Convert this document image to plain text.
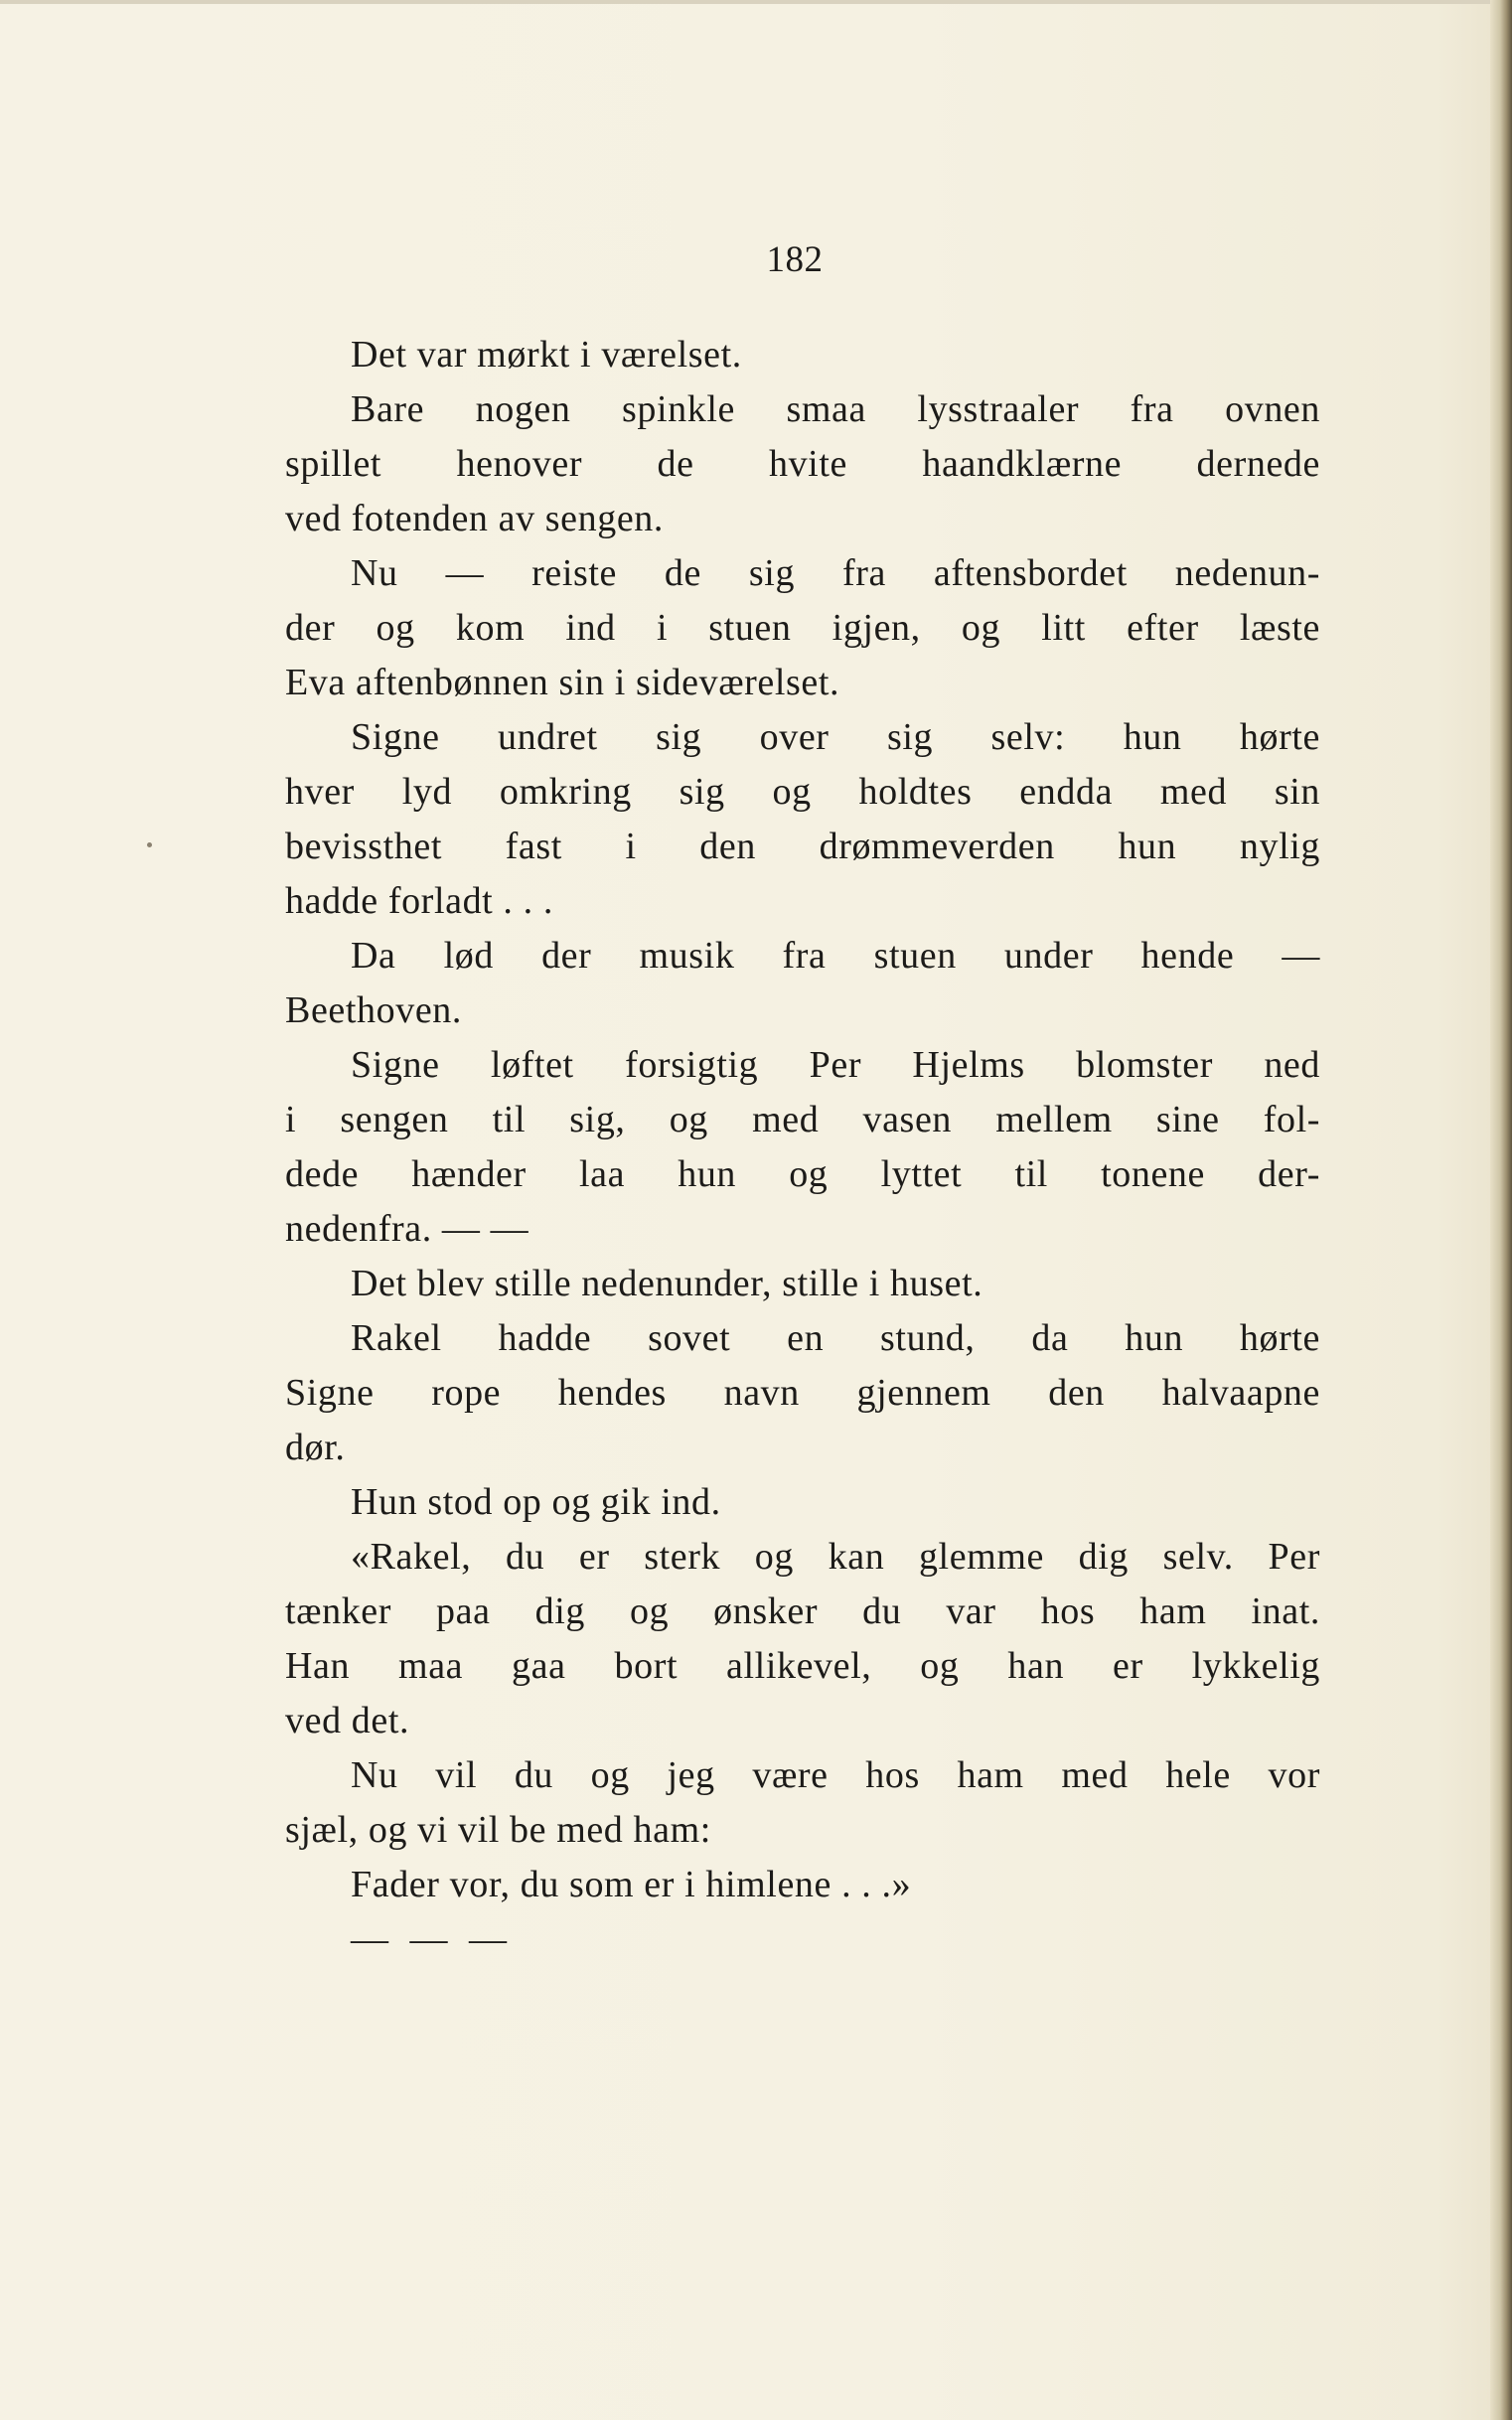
182
Det var mørkt i værelset.
Bare nogen spinkle smaa lysstraaler fra ovnen
spillet henover de hvite haandklærne dernede
ved fotenden av sengen.
Nu — reiste de sig fra aftensbordet nedenun-
der og kom ind i stuen igjen, og litt efter læste
Eva aftenbønnen sin i sideværelset.
Signe undret sig over sig selv: hun hørte
hver lyd omkring sig og holdtes endda med sin
bevissthet fast i den drømmeverden hun nylig
hadde forladt . . .
Da lød der musik fra stuen under hende —
Beethoven.
Signe løftet forsigtig Per Hjelms blomster ned
i sengen til sig, og med vasen mellem sine fol-
dede hænder laa hun og lyttet til tonene der-
nedenfra. — —
Det blev stille nedenunder, stille i huset.
Rakel hadde sovet en stund, da hun hørte
Signe rope hendes navn gjennem den halvaapne
dør.
Hun stod op og gik ind.
«Rakel, du er sterk og kan glemme dig selv. Per
tænker paa dig og ønsker du var hos ham inat.
Han maa gaa bort allikevel, og han er lykkelig
ved det.
Nu vil du og jeg være hos ham med hele vor
sjæl, og vi vil be med ham:
Fader vor, du som er i himlene . . .»
— — —
